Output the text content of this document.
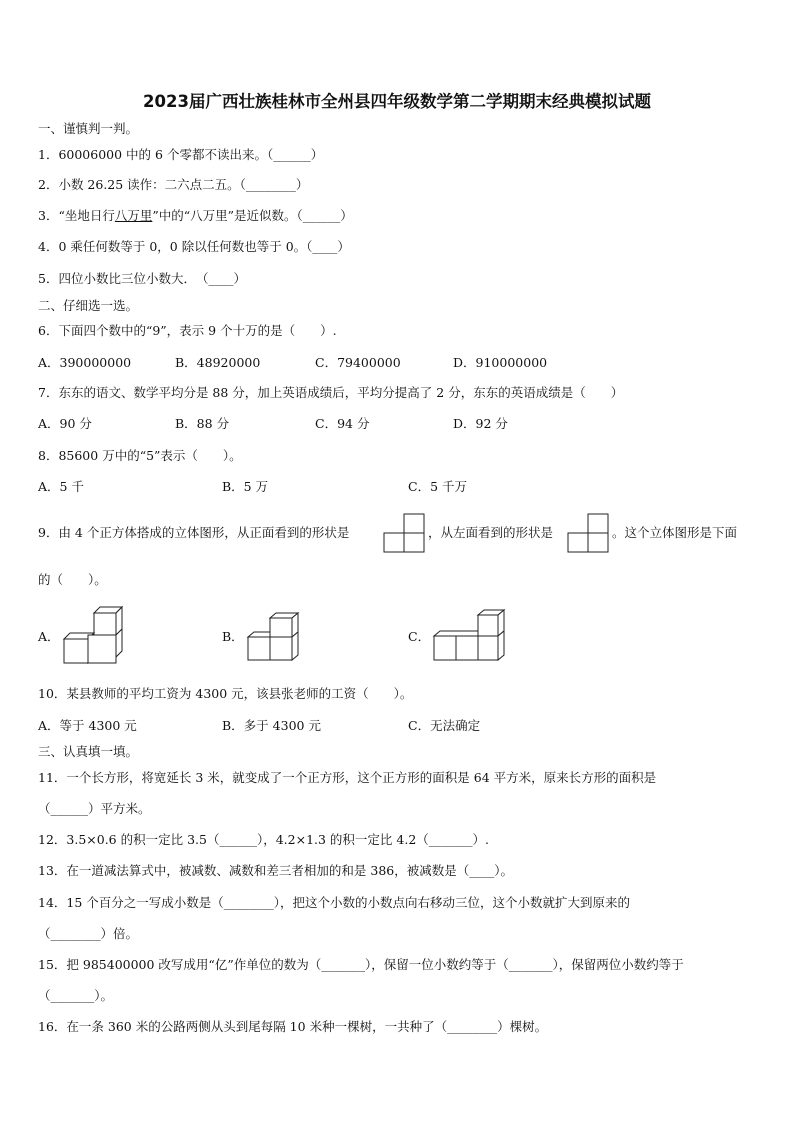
2023届广西壮族桂林市全州县四年级数学第二学期期末经典模拟试题
一、谨慎判一判。
1．60006000 中的 6 个零都不读出来。（______）
2．小数 26.25 读作：二六点二五。（________）
3．“坐地日行八万里”中的“八万里”是近似数。（______）
4．0 乘任何数等于 0，0 除以任何数也等于 0。（____）
5．四位小数比三位小数大．　（____）
二、仔细选一选。
6．下面四个数中的“9”，表示 9 个十万的是（　　）.
A．390000000	B．48920000	C．79400000	D．910000000
7．东东的语文、数学平均分是 88 分，加上英语成绩后，平均分提高了 2 分，东东的英语成绩是（　　）
A．90 分	B．88 分	C．94 分	D．92 分
8．85600 万中的“5”表示（　　）。
A．5 千	B．5 万	C．5 千万
9．由 4 个正方体搭成的立体图形，从正面看到的形状是	，从左面看到的形状是	。这个立体图形是下面
的（　　）。
A．	B．	C．
10．某县教师的平均工资为 4300 元，该县张老师的工资（　　）。
A．等于 4300 元	B．多于 4300 元	C．无法确定
三、认真填一填。
11．一个长方形，将宽延长 3 米，就变成了一个正方形，这个正方形的面积是 64 平方米，原来长方形的面积是
（______）平方米。
12．3.5×0.6 的积一定比 3.5（______），4.2×1.3 的积一定比 4.2（_______）.
13．在一道减法算式中，被减数、减数和差三者相加的和是 386，被减数是（____）。
14．15 个百分之一写成小数是（________），把这个小数的小数点向右移动三位，这个小数就扩大到原来的
（________）倍。
15．把 985400000 改写成用“亿”作单位的数为（_______），保留一位小数约等于（_______），保留两位小数约等于
（_______）。
16．在一条 360 米的公路两侧从头到尾每隔 10 米种一棵树，一共种了（________）棵树。
